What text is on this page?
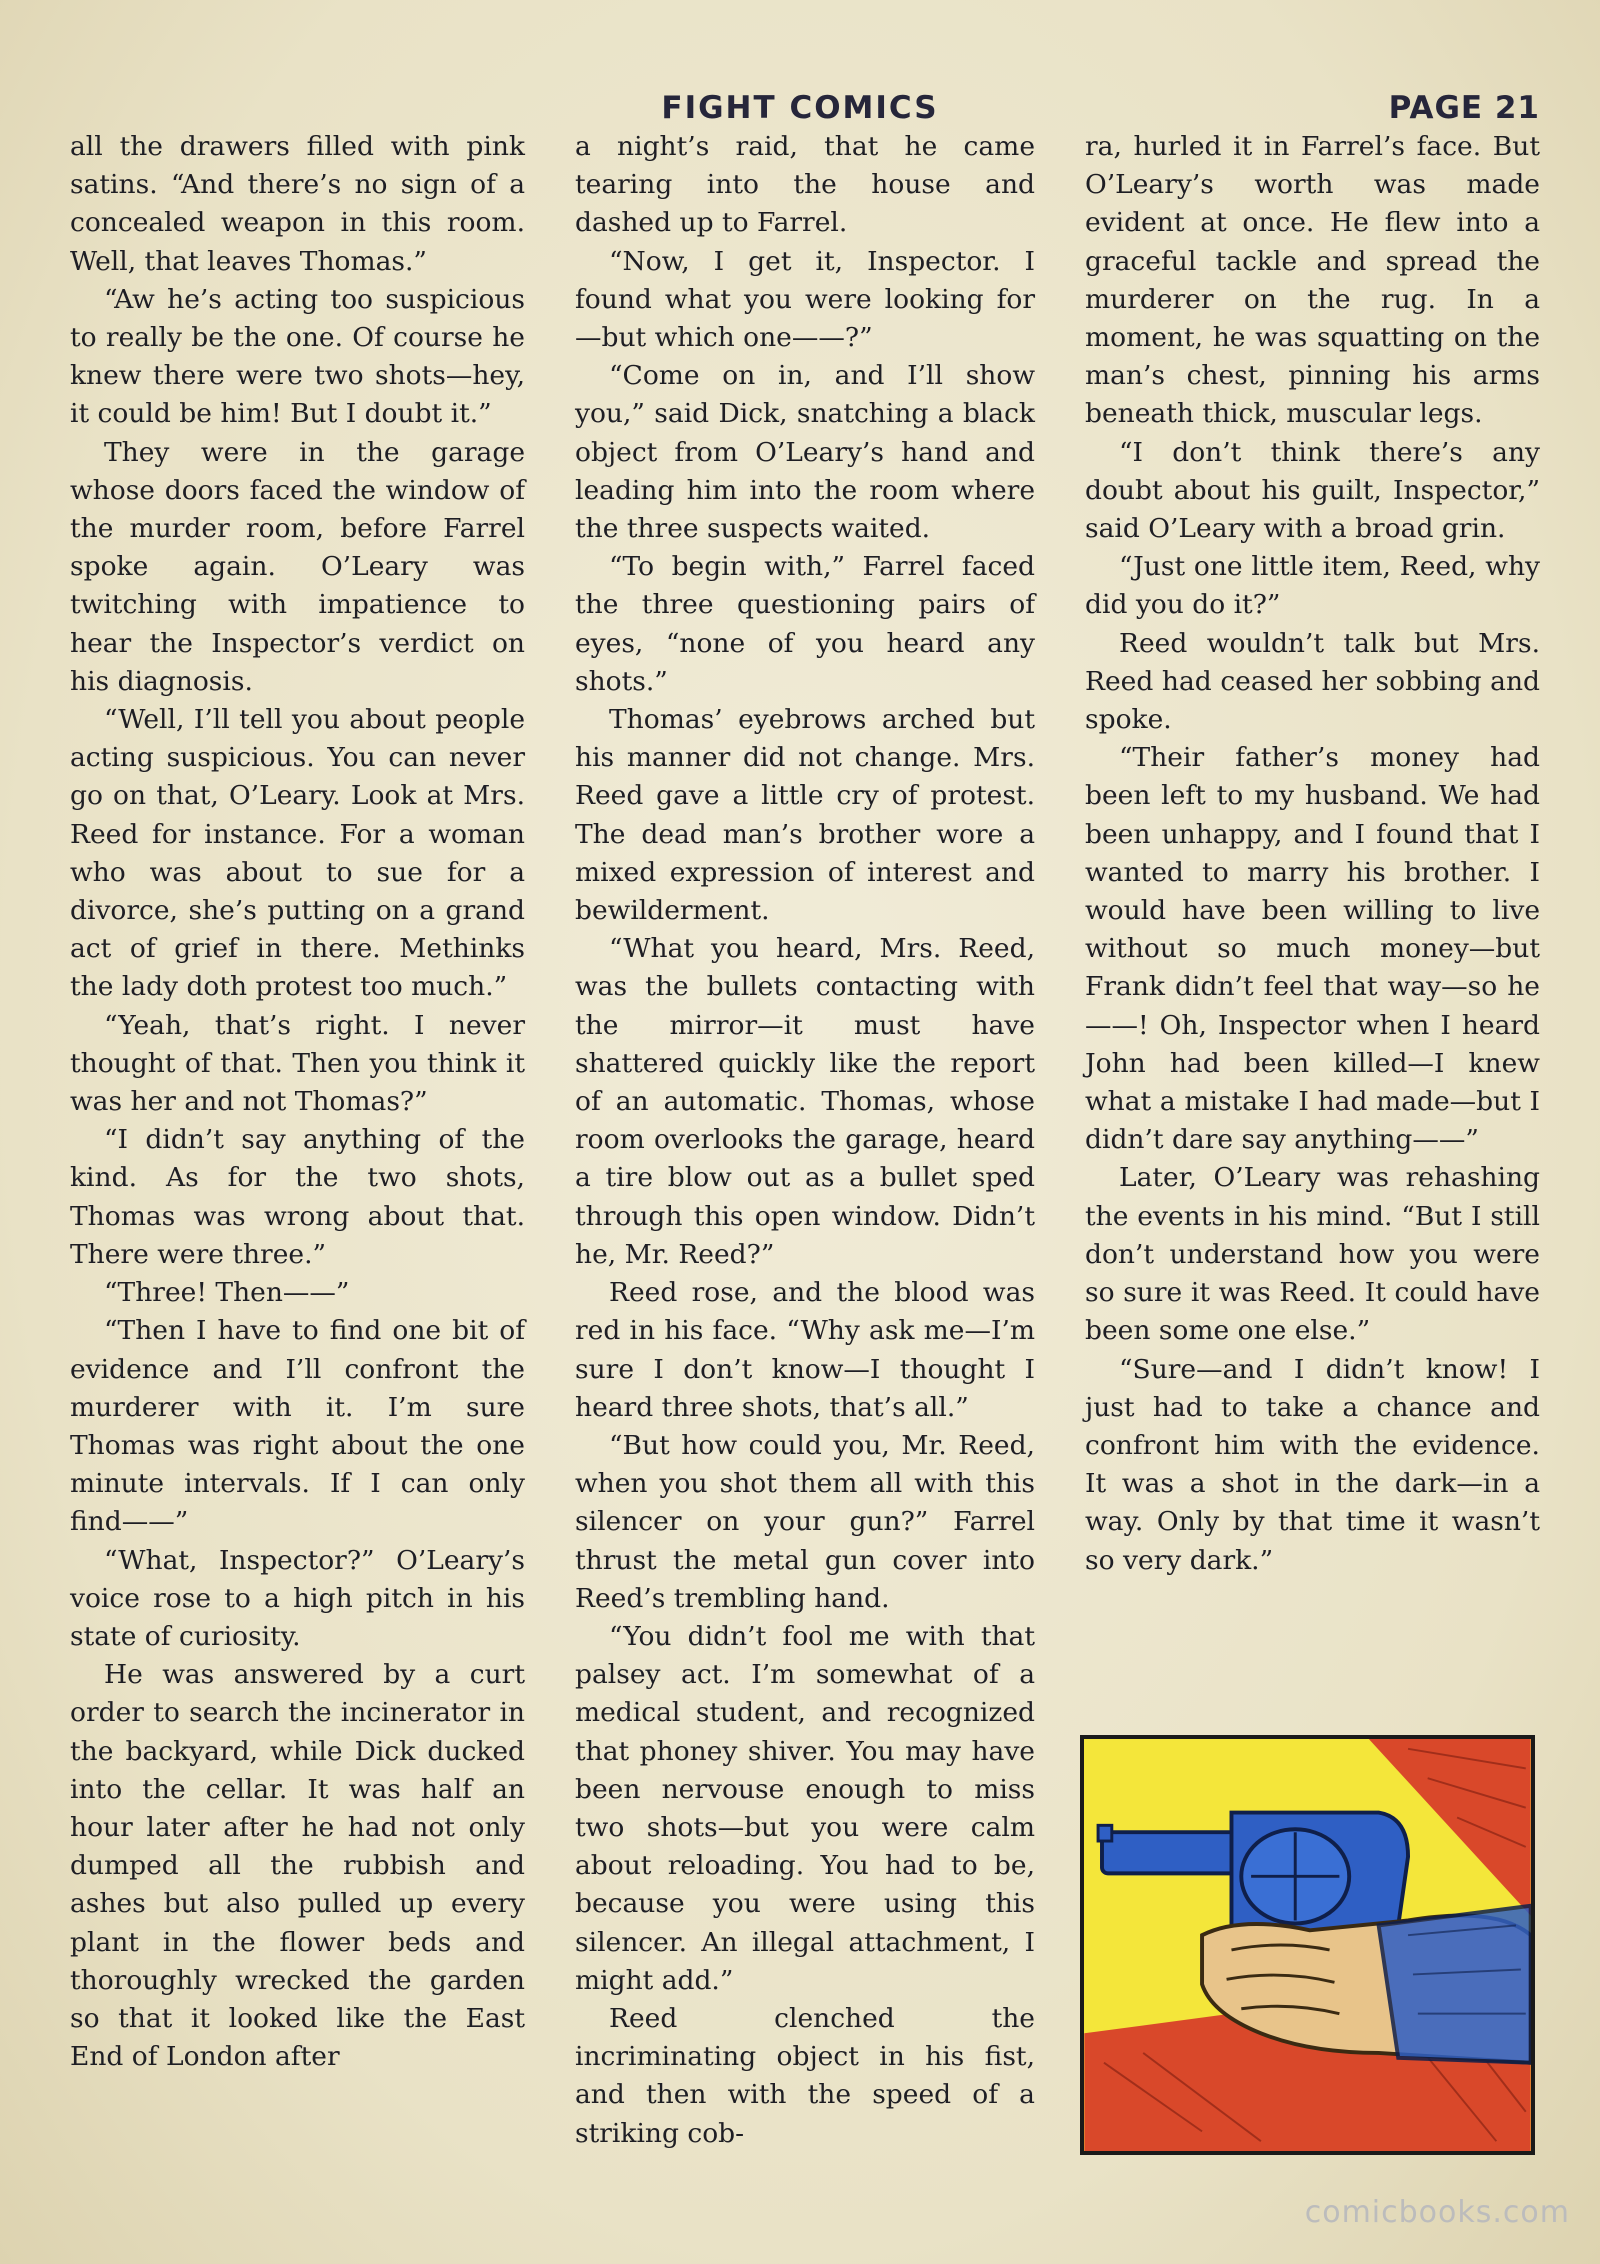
FIGHT COMICS	PAGE 21

all the drawers filled with pink satins. “And there’s no sign of a concealed weapon in this room. Well, that leaves Thomas.”

“Aw he’s acting too suspicious to really be the one. Of course he knew there were two shots—hey, it could be him! But I doubt it.”

They were in the garage whose doors faced the window of the murder room, before Farrel spoke again. O’Leary was twitching with impatience to hear the Inspector’s verdict on his diagnosis.

“Well, I’ll tell you about people acting suspicious. You can never go on that, O’Leary. Look at Mrs. Reed for instance. For a woman who was about to sue for a divorce, she’s putting on a grand act of grief in there. Methinks the lady doth protest too much.”

“Yeah, that’s right. I never thought of that. Then you think it was her and not Thomas?”

“I didn’t say anything of the kind. As for the two shots, Thomas was wrong about that. There were three.”

“Three! Then——”

“Then I have to find one bit of evidence and I’ll confront the murderer with it. I’m sure Thomas was right about the one minute intervals. If I can only find——”

“What, Inspector?” O’Leary’s voice rose to a high pitch in his state of curiosity.

He was answered by a curt order to search the incinerator in the backyard, while Dick ducked into the cellar. It was half an hour later after he had not only dumped all the rubbish and ashes but also pulled up every plant in the flower beds and thoroughly wrecked the garden so that it looked like the East End of London after

a night’s raid, that he came tearing into the house and dashed up to Farrel.

“Now, I get it, Inspector. I found what you were looking for—but which one——?”

“Come on in, and I’ll show you,” said Dick, snatching a black object from O’Leary’s hand and leading him into the room where the three suspects waited.

“To begin with,” Farrel faced the three questioning pairs of eyes, “none of you heard any shots.”

Thomas’ eyebrows arched but his manner did not change. Mrs. Reed gave a little cry of protest. The dead man’s brother wore a mixed expression of interest and bewilderment.

“What you heard, Mrs. Reed, was the bullets contacting with the mirror—it must have shattered quickly like the report of an automatic. Thomas, whose room overlooks the garage, heard a tire blow out as a bullet sped through this open window. Didn’t he, Mr. Reed?”

Reed rose, and the blood was red in his face. “Why ask me—I’m sure I don’t know—I thought I heard three shots, that’s all.”

“But how could you, Mr. Reed, when you shot them all with this silencer on your gun?” Farrel thrust the metal gun cover into Reed’s trembling hand.

“You didn’t fool me with that palsey act. I’m somewhat of a medical student, and recognized that phoney shiver. You may have been nervouse enough to miss two shots—but you were calm about reloading. You had to be, because you were using this silencer. An illegal attachment, I might add.”

Reed clenched the incriminating object in his fist, and then with the speed of a striking cob-

ra, hurled it in Farrel’s face. But O’Leary’s worth was made evident at once. He flew into a graceful tackle and spread the murderer on the rug. In a moment, he was squatting on the man’s chest, pinning his arms beneath thick, muscular legs.

“I don’t think there’s any doubt about his guilt, Inspector,” said O’Leary with a broad grin.

“Just one little item, Reed, why did you do it?”

Reed wouldn’t talk but Mrs. Reed had ceased her sobbing and spoke.

“Their father’s money had been left to my husband. We had been unhappy, and I found that I wanted to marry his brother. I would have been willing to live without so much money—but Frank didn’t feel that way—so he——! Oh, Inspector when I heard John had been killed—I knew what a mistake I had made—but I didn’t dare say anything——”

Later, O’Leary was rehashing the events in his mind. “But I still don’t understand how you were so sure it was Reed. It could have been some one else.”

“Sure—and I didn’t know! I just had to take a chance and confront him with the evidence. It was a shot in the dark—in a way. Only by that time it wasn’t so very dark.”

comicbooks.com
